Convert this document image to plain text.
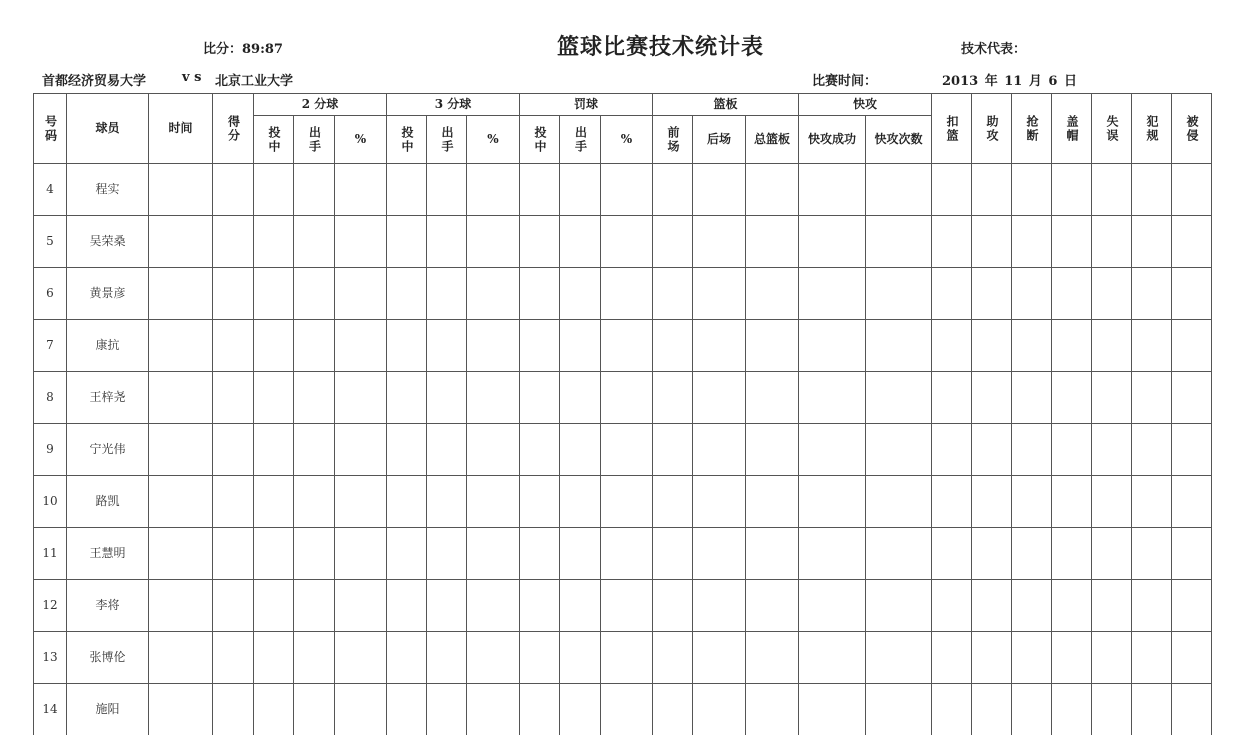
比分：89:87	篮球比赛技术统计表	技术代表：
首都经济贸易大学	v s 北京工业大学	比赛时间：	2013 年 11 月 6 日
号码	球员	时间	得分	2 分球			3 分球			罚球			篮板			快攻		扣篮	助攻	抢断	盖帽	失误	犯规	被侵
				投中	出手	%	投中	出手	%	投中	出手	%	前场	后场	总篮板	快攻成功	快攻次数							
4	程实																							
5	吴荣桑																							
6	黄景彦																							
7	康抗																							
8	王梓尧																							
9	宁光伟																							
10	路凯																							
11	王慧明																							
12	李将																							
13	张博伦																							
14	施阳																							
